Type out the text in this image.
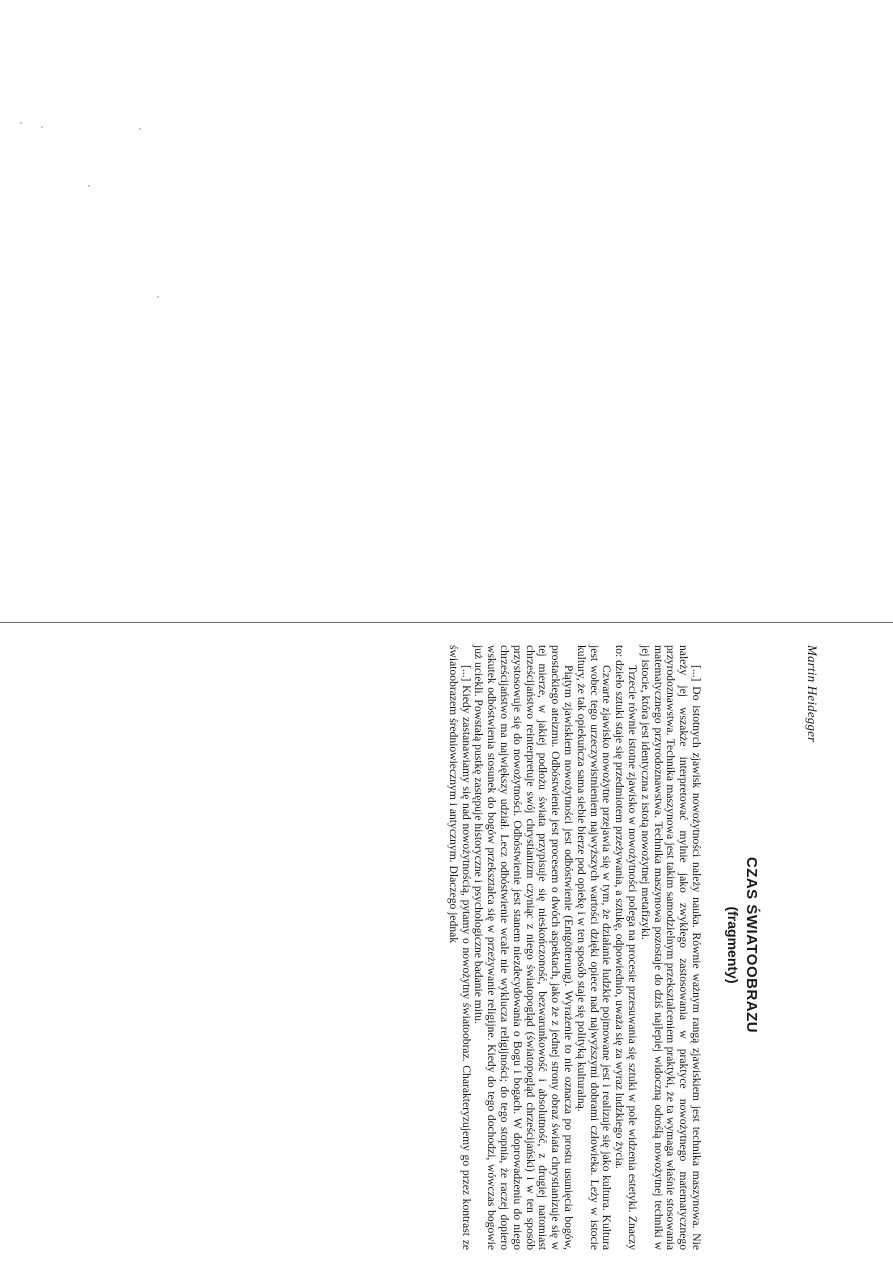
Martin Heidegger
CZAS ŚWIATOOBRAZU
(fragmenty)

[...] Do istotnych zjawisk nowożytności należy nauka. Równie ważnym rangą zjawiskiem jest technika maszynowa. Nie należy jej wszakże interpretować mylnie jako zwykłego zastosowania w praktyce nowożytnego matematycznego przyrodoznawstwa. Technika maszynowa jest takim samodzielnym przekształceniem praktyki, że ta wymaga właśnie stosowania matematycznego przyrodoznawstwa. Technika maszynowa pozostaje do dziś najlepiej widoczną odroślą nowożytnej techniki w jej istocie, która jest identyczna z istotą nowożytnej metafizyki.

Trzecie równie istotne zjawisko w nowożytności polega na procesie przesuwania się sztuki w pole widzenia estetyki. Znaczy to: dzieło sztuki staje się przedmiotem przeżywania, a sztukę, odpowiednio, uważa się za wyraz ludzkiego życia.

Czwarte zjawisko nowożytne przejawia się w tym, że działanie ludzkie pojmowane jest i realizuje się jako kultura. Kultura jest wobec tego urzeczywistnieniem najwyższych wartości dzięki opiece nad najwyższymi dobrami człowieka. Leży w istocie kultury, że tak opiekuńcza sama siebie bierze pod opiekę i w ten sposób staje się polityką kulturalną.

Piątym zjawiskiem nowożytności jest odbóstwienie (Entgötterung). Wyrażenie to nie oznacza po prostu usunięcia bogów, prostackiego ateizmu. Odbóstwienie jest procesem o dwóch aspektach, jako że z jednej strony obraz świata chrystianizuje się w tej mierze, w jakiej podłożu świata przypisuje się nieskończoność, bezwarunkowość i absolutność, z drugiej natomiast chrześcijaństwo reinterpretuje swój chrystianizm czyniąc z niego światopogląd (światopogląd chrześcijański) i w ten sposób przystosowuje się do nowożytności. Odbóstwienie jest stanem niezdecydowania o Bogu i bogach. W doprowadzeniu do niego chrześcijaństwo ma największy udział. Lecz odbóstwienie wcale nie wyklucza religijności; do tego stopnia, że raczej dopiero wskutek odbóstwienia stosunek do bogów przekształca się w przeżywanie religijne. Kiedy do tego dochodzi, wówczas bogowie już uciekli. Powstałą pustkę zastępuje historyczne i psychologiczne badanie mitu.

[...] Kiedy zastanawiamy się nad nowożytnością, pytamy o nowożytny światoobraz. Charakteryzujemy go przez kontrast ze światoobrazem średniowiecznym i antycznym. Dlaczego jednak
